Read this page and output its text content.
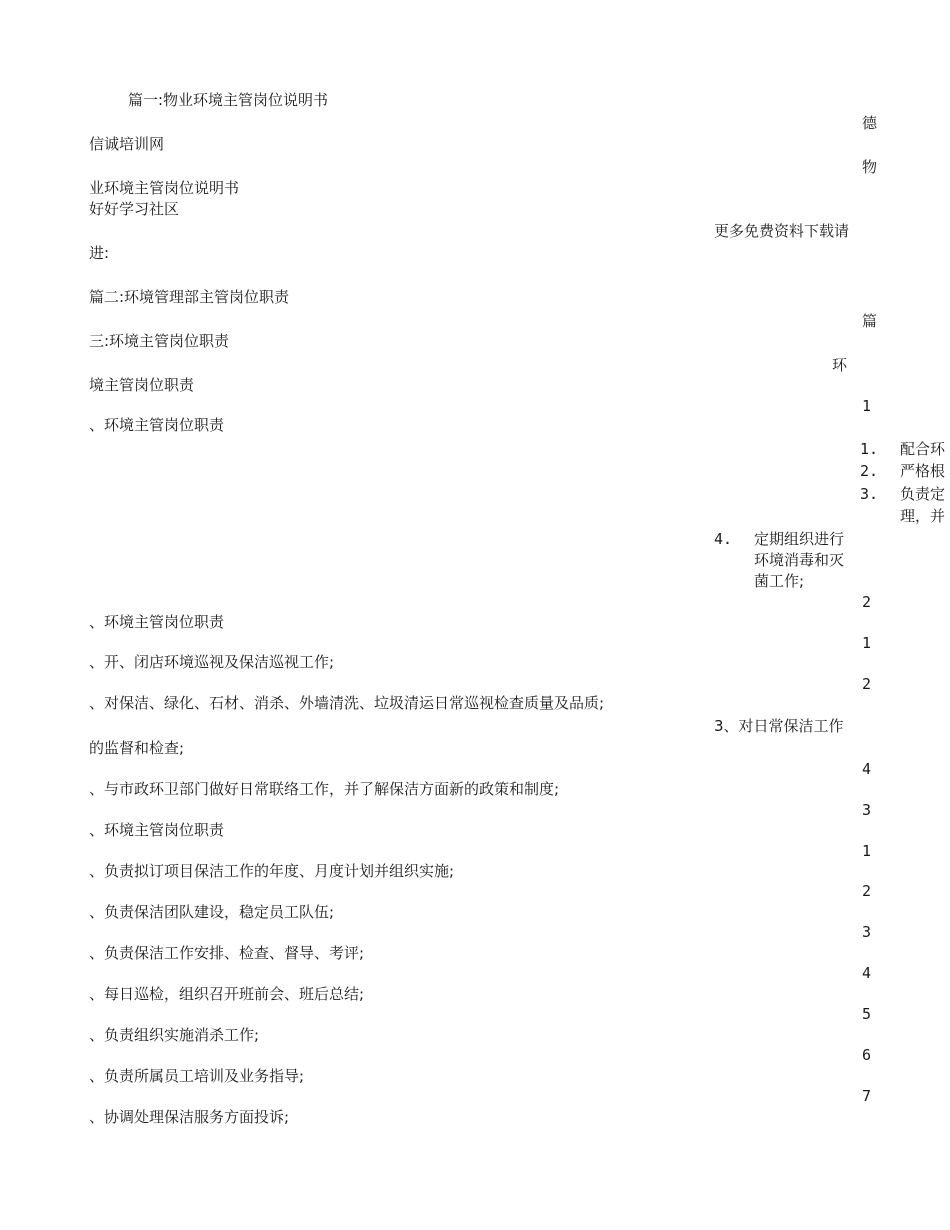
篇一:物业环境主管岗位说明书
信诚培训网
业环境主管岗位说明书
好好学习社区
进:
篇二:环境管理部主管岗位职责
三:环境主管岗位职责
境主管岗位职责
、环境主管岗位职责
、环境主管岗位职责
、开、闭店环境巡视及保洁巡视工作;
、对保洁、绿化、石材、消杀、外墙清洗、垃圾清运日常巡视检查质量及品质;
的监督和检查;
、与市政环卫部门做好日常联络工作，并了解保洁方面新的政策和制度;
、环境主管岗位职责
、负责拟订项目保洁工作的年度、月度计划并组织实施;
、负责保洁团队建设，稳定员工队伍;
、负责保洁工作安排、检查、督导、考评;
、每日巡检，组织召开班前会、班后总结;
、负责组织实施消杀工作;
、负责所属员工培训及业务指导;
、协调处理保洁服务方面投诉;
德
物
更多免费资料下载请
篇
环
1
1. 配合环
2. 严格根
3. 负责定
理，并
4. 定期组织进行
环境消毒和灭
菌工作;
2
1
2
3、对日常保洁工作
4
3
1
2
3
4
5
6
7
